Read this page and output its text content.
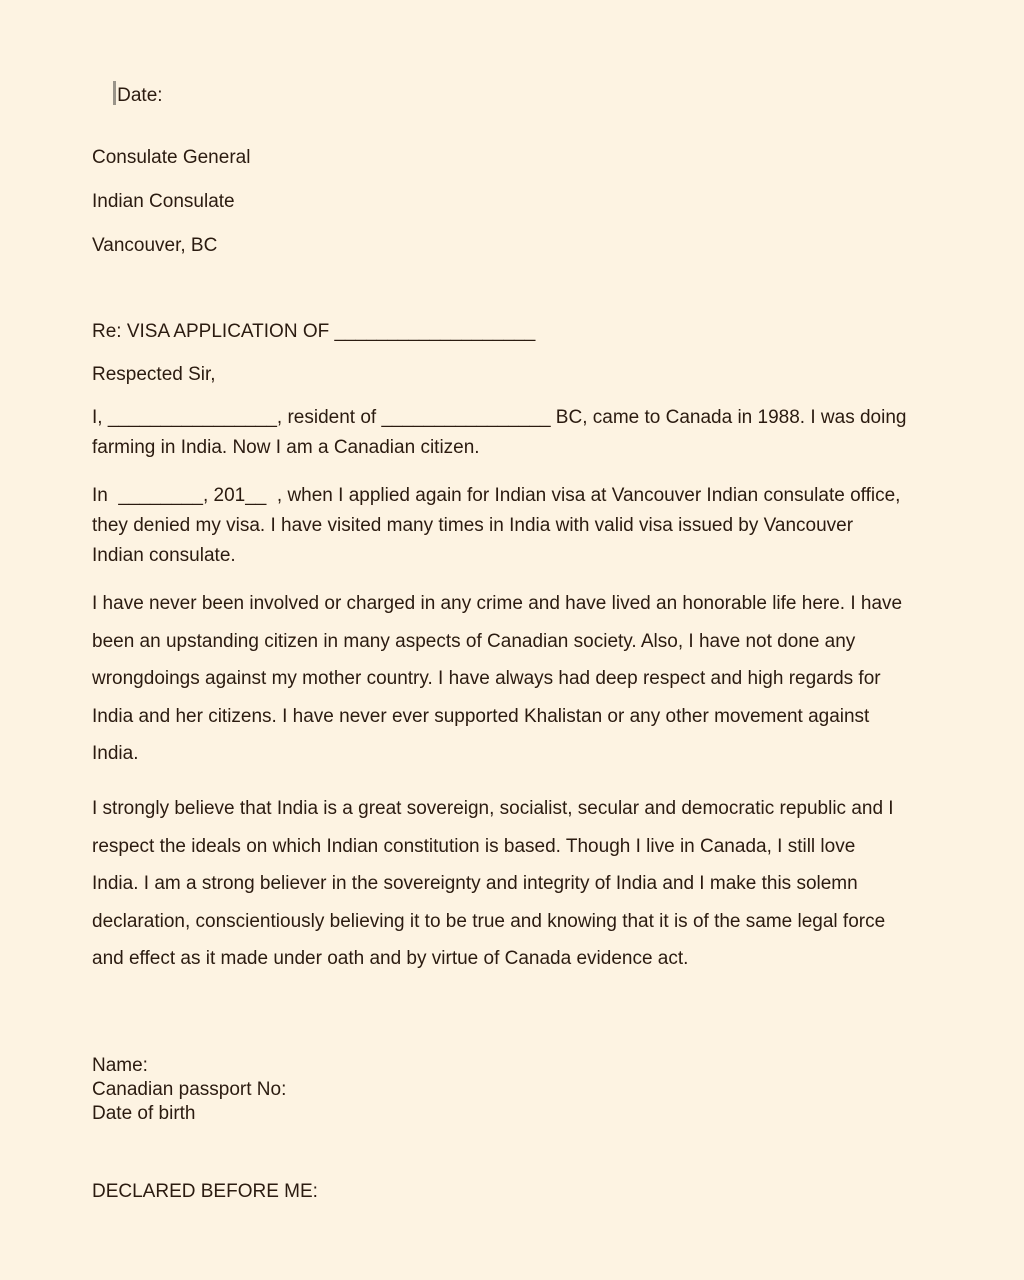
Date:

Consulate General
Indian Consulate
Vancouver, BC
Re: VISA APPLICATION OF ___________________
Respected Sir,
I, ________________, resident of ________________ BC, came to Canada in 1988. I was doing
farming in India. Now I am a Canadian citizen.
In  ________, 201__  , when I applied again for Indian visa at Vancouver Indian consulate office,
they denied my visa. I have visited many times in India with valid visa issued by Vancouver
Indian consulate.
I have never been involved or charged in any crime and have lived an honorable life here. I have
been an upstanding citizen in many aspects of Canadian society. Also, I have not done any
wrongdoings against my mother country. I have always had deep respect and high regards for
India and her citizens. I have never ever supported Khalistan or any other movement against
India.
I strongly believe that India is a great sovereign, socialist, secular and democratic republic and I
respect the ideals on which Indian constitution is based. Though I live in Canada, I still love
India. I am a strong believer in the sovereignty and integrity of India and I make this solemn
declaration, conscientiously believing it to be true and knowing that it is of the same legal force
and effect as it made under oath and by virtue of Canada evidence act.
Name:
Canadian passport No:
Date of birth
DECLARED BEFORE ME:
